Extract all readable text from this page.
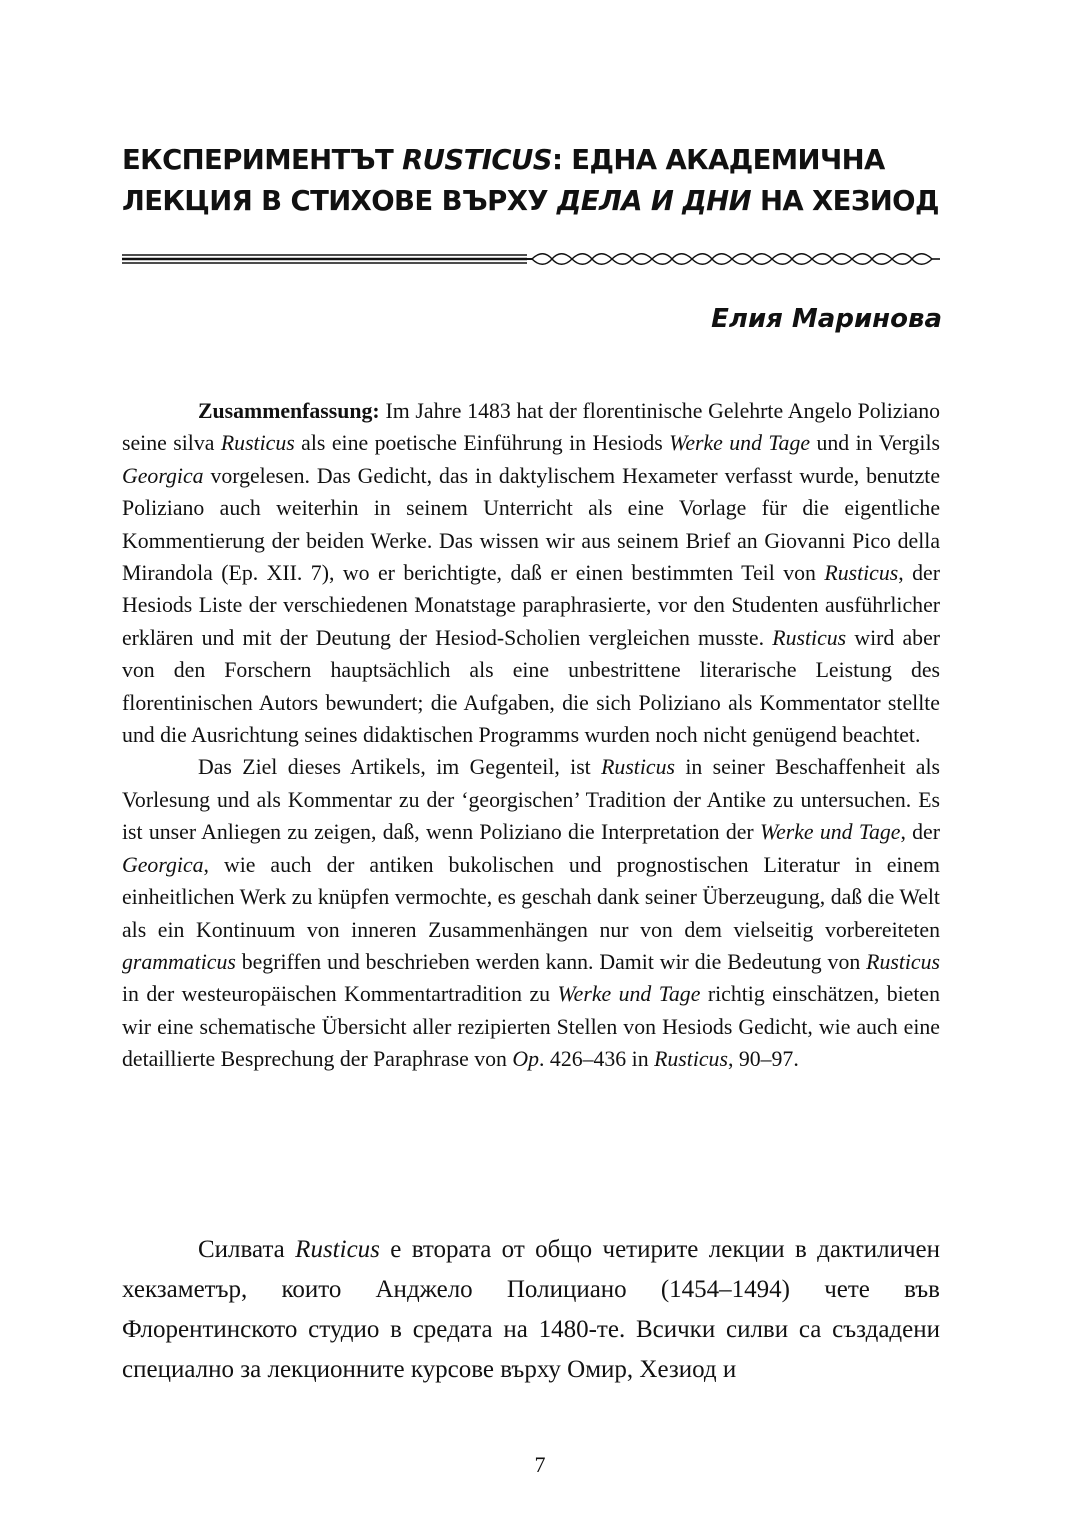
ЕКСПЕРИМЕНТЪТ RUSTICUS: ЕДНА АКАДЕМИЧНА
ЛЕКЦИЯ В СТИХОВЕ ВЪРХУ ДЕЛА И ДНИ НА ХЕЗИОД
Елия Маринова

Zusammenfassung: Im Jahre 1483 hat der florentinische Gelehrte Angelo Poliziano seine silva Rusticus als eine poetische Einführung in Hesiods Werke und Tage und in Vergils Georgica vorgelesen. Das Gedicht, das in daktylischem Hexameter verfasst wurde, benutzte Poliziano auch weiterhin in seinem Unterricht als eine Vorlage für die eigentliche Kommentierung der beiden Werke. Das wissen wir aus seinem Brief an Giovanni Pico della Mirandola (Ep. XII. 7), wo er berichtigte, daß er einen bestimmten Teil von Rusticus, der Hesiods Liste der verschiedenen Monatstage paraphrasierte, vor den Studenten ausführlicher erklären und mit der Deutung der Hesiod-Scholien vergleichen musste. Rusticus wird aber von den Forschern hauptsächlich als eine unbestrittene literarische Leistung des florentinischen Autors bewundert; die Aufgaben, die sich Poliziano als Kommentator stellte und die Ausrichtung seines didaktischen Programms wurden noch nicht genügend beachtet.

Das Ziel dieses Artikels, im Gegenteil, ist Rusticus in seiner Beschaffenheit als Vorlesung und als Kommentar zu der ‘georgischen’ Tradition der Antike zu untersuchen. Es ist unser Anliegen zu zeigen, daß, wenn Poliziano die Interpretation der Werke und Tage, der Georgica, wie auch der antiken bukolischen und prognostischen Literatur in einem einheitlichen Werk zu knüpfen vermochte, es geschah dank seiner Überzeugung, daß die Welt als ein Kontinuum von inneren Zusammenhängen nur von dem vielseitig vorbereiteten grammaticus begriffen und beschrieben werden kann. Damit wir die Bedeutung von Rusticus in der westeuropäischen Kommentartradition zu Werke und Tage richtig einschätzen, bieten wir eine schematische Übersicht aller rezipierten Stellen von Hesiods Gedicht, wie auch eine detaillierte Besprechung der Paraphrase von Op. 426–436 in Rusticus, 90–97.

Силвата Rusticus е втората от общо четирите лекции в дактиличен хекзаметър, които Анджело Полициано (1454–1494) чете във Флорентинското студио в средата на 1480-те. Всички силви са създадени специално за лекционните курсове върху Омир, Хезиод и

7
